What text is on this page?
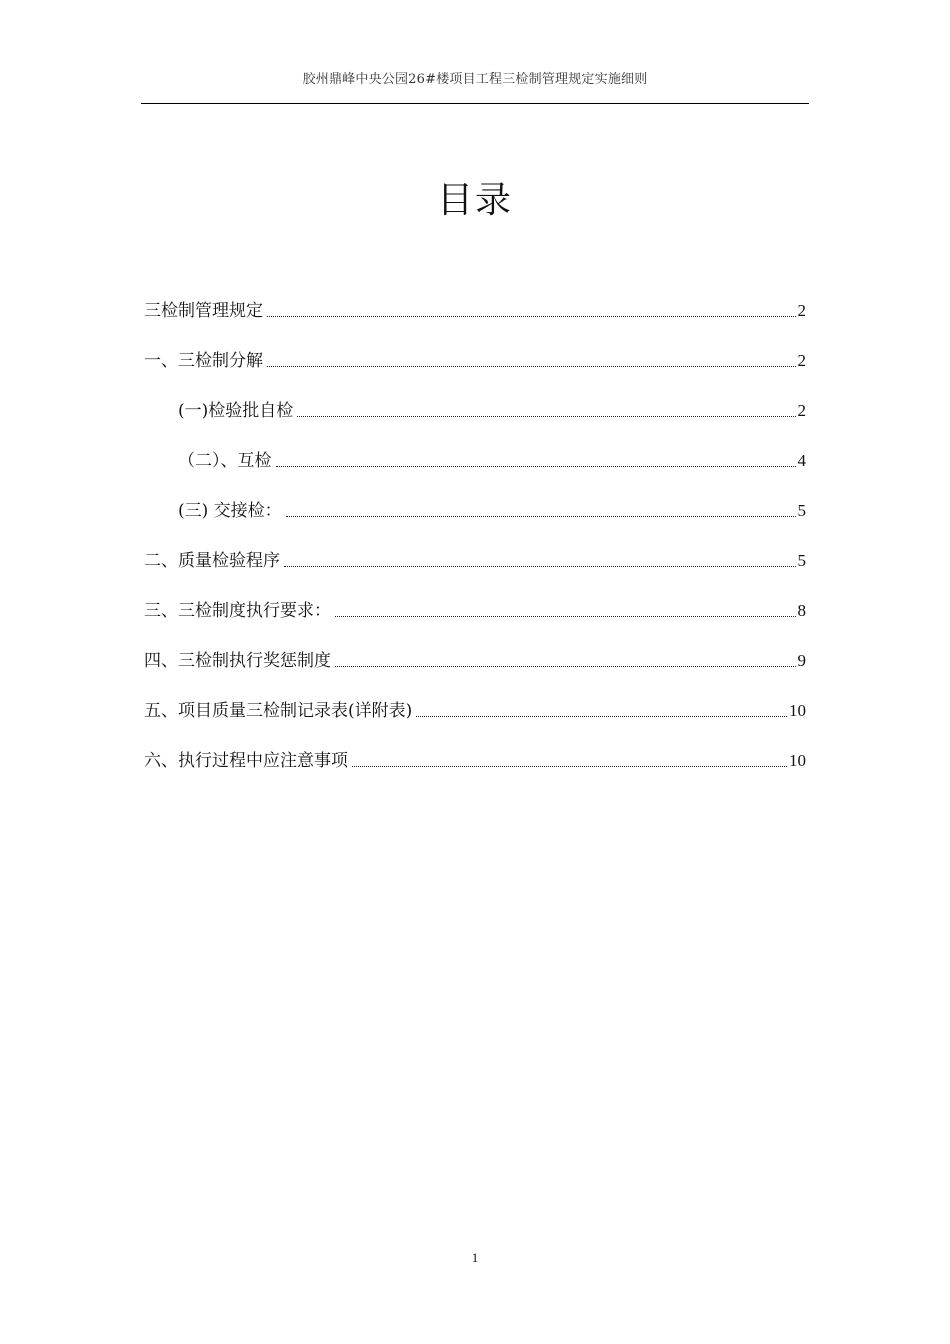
胶州鼎峰中央公园26#楼项目工程三检制管理规定实施细则
目录
三检制管理规定	2
一、三检制分解	2
(一)检验批自检	2
（二）、互检	4
(三) 交接检：	5
二、质量检验程序	5
三、三检制度执行要求：	8
四、三检制执行奖惩制度	9
五、项目质量三检制记录表(详附表)	10
六、执行过程中应注意事项	10
1
